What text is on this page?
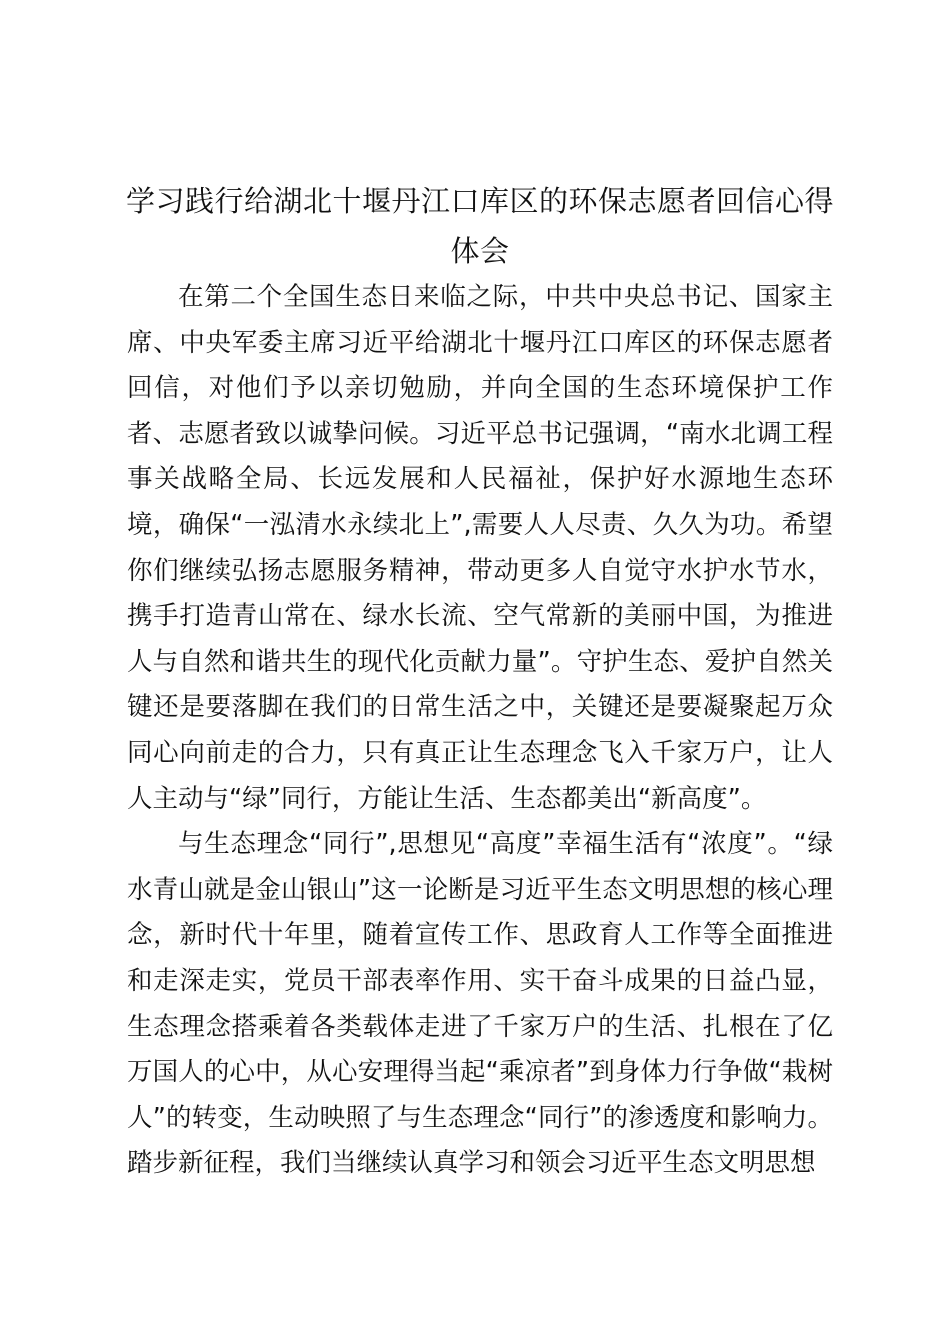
学习践行给湖北十堰丹江口库区的环保志愿者回信心得体会

在第二个全国生态日来临之际，中共中央总书记、国家主席、中央军委主席习近平给湖北十堰丹江口库区的环保志愿者回信，对他们予以亲切勉励，并向全国的生态环境保护工作者、志愿者致以诚挚问候。习近平总书记强调，“南水北调工程事关战略全局、长远发展和人民福祉，保护好水源地生态环境，确保“一泓清水永续北上”,需要人人尽责、久久为功。希望你们继续弘扬志愿服务精神，带动更多人自觉守水护水节水，携手打造青山常在、绿水长流、空气常新的美丽中国，为推进人与自然和谐共生的现代化贡献力量”。守护生态、爱护自然关键还是要落脚在我们的日常生活之中，关键还是要凝聚起万众同心向前走的合力，只有真正让生态理念飞入千家万户，让人人主动与“绿”同行，方能让生活、生态都美出“新高度”。

与生态理念“同行”,思想见“高度”幸福生活有“浓度”。“绿水青山就是金山银山”这一论断是习近平生态文明思想的核心理念，新时代十年里，随着宣传工作、思政育人工作等全面推进和走深走实，党员干部表率作用、实干奋斗成果的日益凸显，生态理念搭乘着各类载体走进了千家万户的生活、扎根在了亿万国人的心中，从心安理得当起“乘凉者”到身体力行争做“栽树人”的转变，生动映照了与生态理念“同行”的渗透度和影响力。踏步新征程，我们当继续认真学习和领会习近平生态文明思想
